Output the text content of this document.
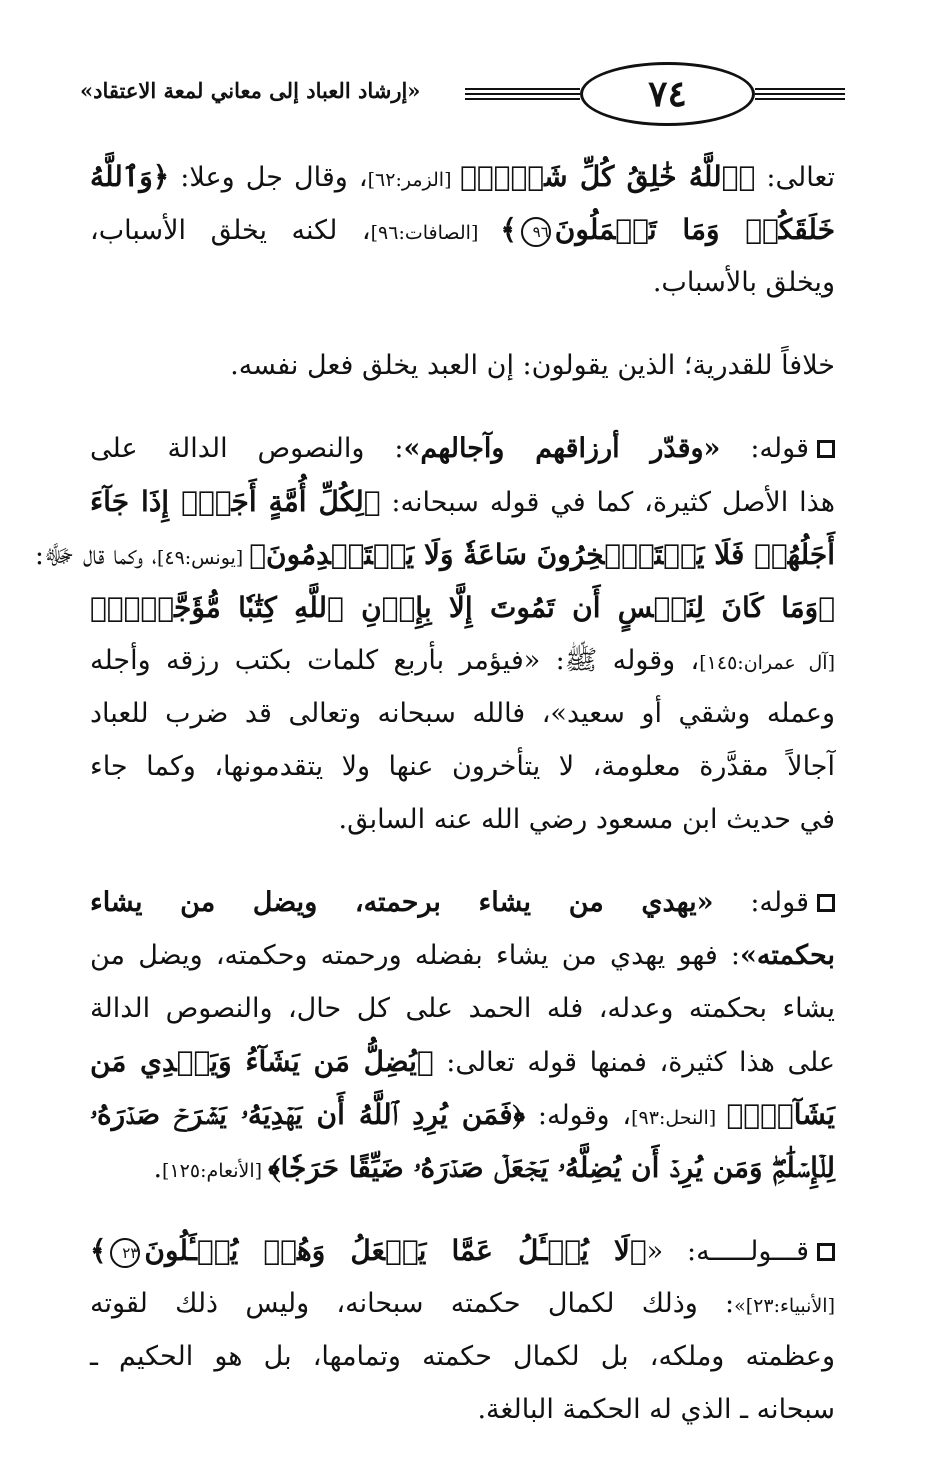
«إرشاد العباد إلى معاني لمعة الاعتقاد»	٧٤
تعالى: ﴿ٱللَّهُ خَٰلِقُ كُلِّ شَيۡءٖ﴾ [الزمر:٦٢]، وقال جل وعلا: ﴿وَٱللَّهُ
خَلَقَكُمۡ وَمَا تَعۡمَلُونَ٩٦﴾ [الصافات:٩٦]، لكنه يخلق الأسباب،
ويخلق بالأسباب.
خلافاً للقدرية؛ الذين يقولون: إن العبد يخلق فعل نفسه.
قوله: «وقدّر أرزاقهم وآجالهم»: والنصوص الدالة على
هذا الأصل كثيرة، كما في قوله سبحانه: ﴿لِكُلِّ أُمَّةٍ أَجَلٌۚ إِذَا جَآءَ
أَجَلُهُمۡ فَلَا يَسۡتَـٔۡخِرُونَ سَاعَةٗ وَلَا يَسۡتَقۡدِمُونَ﴾ [يونس:٤٩]، وكما قال ﷻ:
﴿وَمَا كَانَ لِنَفۡسٍ أَن تَمُوتَ إِلَّا بِإِذۡنِ ٱللَّهِ كِتَٰبٗا مُّؤَجَّلٗاۗ﴾
[آل عمران:١٤٥]، وقوله ﷺ: «فيؤمر بأربع كلمات بكتب رزقه وأجله
وعمله وشقي أو سعيد»، فالله سبحانه وتعالى قد ضرب للعباد
آجالاً مقدَّرة معلومة، لا يتأخرون عنها ولا يتقدمونها، وكما جاء
في حديث ابن مسعود رضي الله عنه السابق.
قوله: «يهدي من يشاء برحمته، ويضل من يشاء
بحكمته»: فهو يهدي من يشاء بفضله ورحمته وحكمته، ويضل من
يشاء بحكمته وعدله، فله الحمد على كل حال، والنصوص الدالة
على هذا كثيرة، فمنها قوله تعالى: ﴿يُضِلُّ مَن يَشَآءُ وَيَهۡدِي مَن
يَشَآءُۚ﴾ [النحل:٩٣]، وقوله: ﴿فَمَن يُرِدِ ٱللَّهُ أَن يَهۡدِيَهُۥ يَشۡرَحۡ صَدۡرَهُۥ
لِلۡإِسۡلَٰمِۖ وَمَن يُرِدۡ أَن يُضِلَّهُۥ يَجۡعَلۡ صَدۡرَهُۥ ضَيِّقًا حَرَجٗا﴾ [الأنعام:١٢٥].
قـــولـــــه: «﴿لَا يُسۡـَٔلُ عَمَّا يَفۡعَلُ وَهُمۡ يُسۡـَٔلُونَ٢٣﴾
[الأنبياء:٢٣]»: وذلك لكمال حكمته سبحانه، وليس ذلك لقوته
وعظمته وملكه، بل لكمال حكمته وتمامها، بل هو الحكيم ـ
سبحانه ـ الذي له الحكمة البالغة.
